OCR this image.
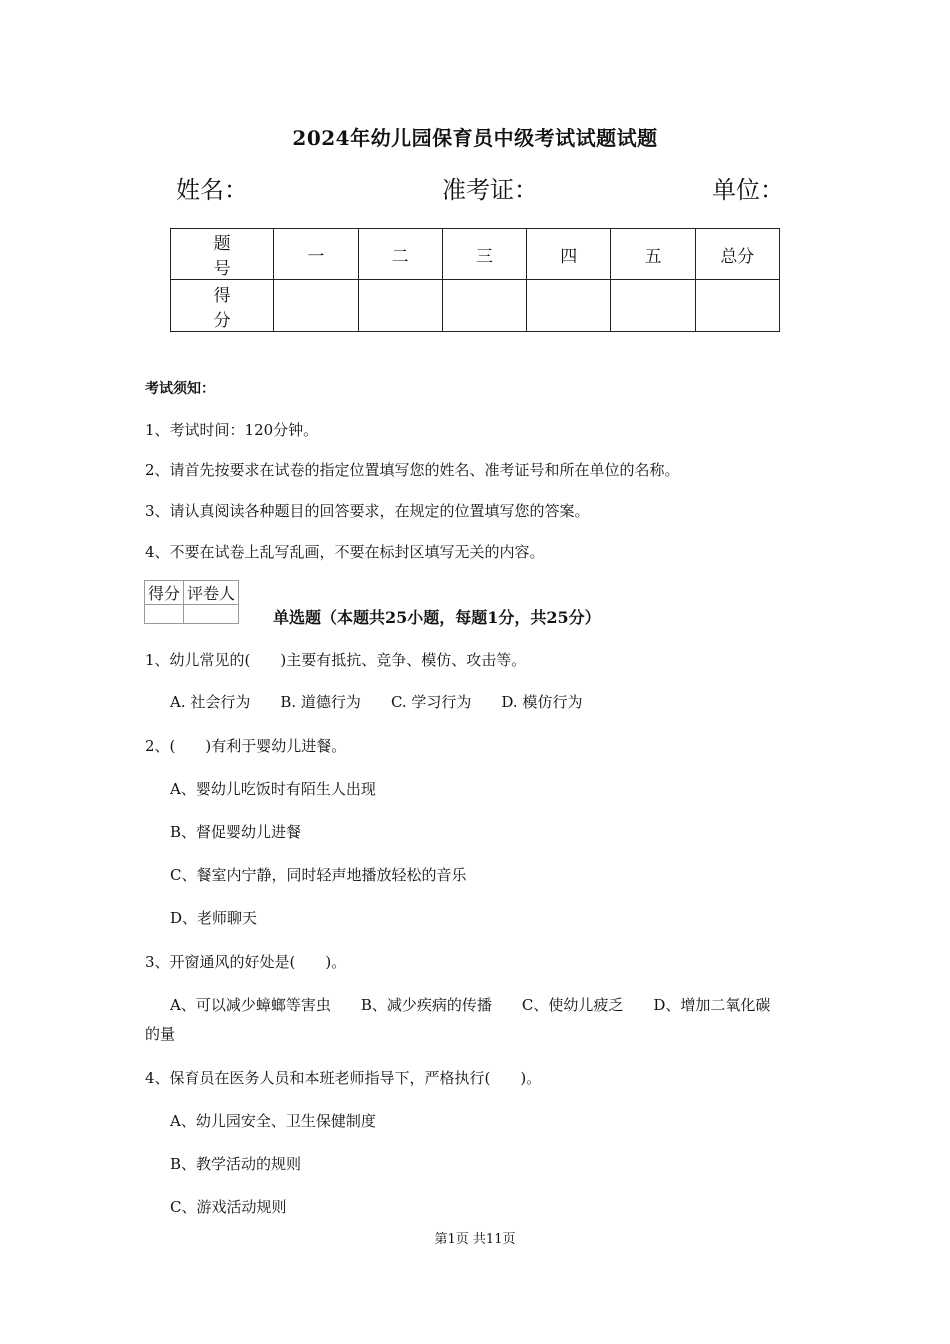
2024年幼儿园保育员中级考试试题试题
姓名：	准考证：	单位：
题 号	一	二	三	四	五	总分
得 分						
考试须知：
1、考试时间：120分钟。
2、请首先按要求在试卷的指定位置填写您的姓名、准考证号和所在单位的名称。
3、请认真阅读各种题目的回答要求，在规定的位置填写您的答案。
4、不要在试卷上乱写乱画，不要在标封区填写无关的内容。
得分	评卷人

单选题（本题共25小题，每题1分，共25分）
1、幼儿常见的(　　)主要有抵抗、竞争、模仿、攻击等。
A. 社会行为 B. 道德行为 C. 学习行为 D. 模仿行为
2、(　　)有利于婴幼儿进餐。
A、婴幼儿吃饭时有陌生人出现
B、督促婴幼儿进餐
C、餐室内宁静，同时轻声地播放轻松的音乐
D、老师聊天
3、开窗通风的好处是(　　)。
A、可以减少蟑螂等害虫　　B、减少疾病的传播　　C、使幼儿疲乏　　D、增加二氧化碳
的量
4、保育员在医务人员和本班老师指导下，严格执行(　　)。
A、幼儿园安全、卫生保健制度
B、教学活动的规则
C、游戏活动规则
第1页 共11页
